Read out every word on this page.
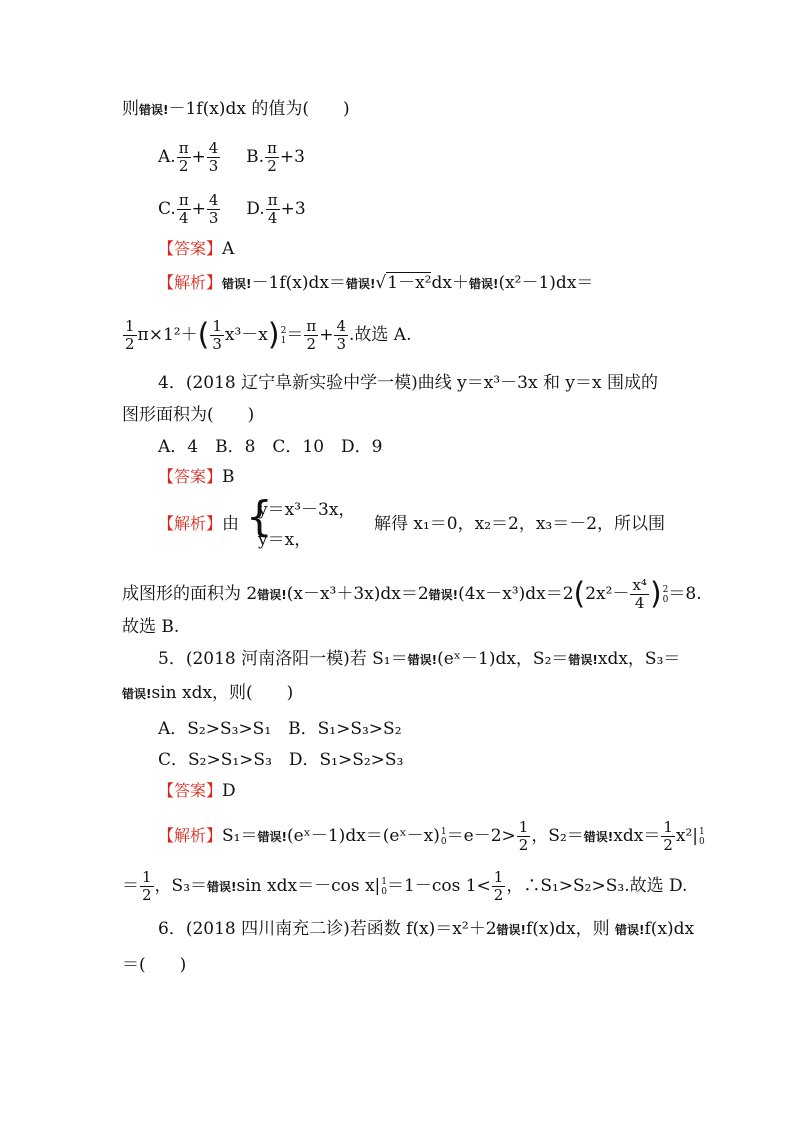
则错误!－1f(x)dx 的值为(　　)
A. $\frac{\pi}{2} + \frac{4}{3} B$. $\frac{\pi}{2} +3$
C. $\frac{\pi}{4} + \frac{4}{3} D$. $\frac{\pi}{4} +3$
【答案】A
【解析】错误!－1f(x)dx＝错误!√1－x²dx＋错误!(x²－1)dx＝
$\frac{1}{2} \pi\times 1^2+( \frac{1}{3} x^3-x)$ 2
$1 = \frac{\pi}{2} + \frac{4}{3}$ .故选 A.
4．(2018 辽宁阜新实验中学一模)曲线 y＝x³－3x 和 y＝x 围成的
图形面积为(　　)
A．4　B．8　C．10　D．9
【答案】B
【解析】由 {
y＝x³－3x，
y＝x，
解得 x₁＝0，x₂＝2，x₃＝－2，所以围
成图形的面积为 2错误!(x－x³＋3x)dx＝2错误$!(4x-x^3)dx=2(2x^2- \frac{\text{x⁴}}{4}$ ) 2
0 ＝8.
故选 B.
5．(2018 河南洛阳一模)若 S₁＝错误!(eˣ－1)dx，S₂＝错误!xdx，S₃＝
错误!sin xdx，则(　　)
A．S₂>S₃>S₁　B．S₁>S₃>S₂
C．S₂>S₁>S₃　D．S₁>S₂>S₃
【答案】D
【解析】S₁＝错误!(eˣ－1)dx＝(eˣ－x) 1
$0 =e-2> \frac{1}{2}$ ，S₂＝错误$!xdx= \frac{1}{2} x^2|$ 1
0
＝ $\frac{1}{2}$ ，S₃＝错误!sin xdx＝－cos x| 1
0 ＝1－cos $1< \frac{1}{2}$ ，∴S₁>S₂>S₃.故选 D.
6．(2018 四川南充二诊)若函数 f(x)＝x²＋2错误!f(x)dx，则 错误!f(x)dx
＝(　　)
